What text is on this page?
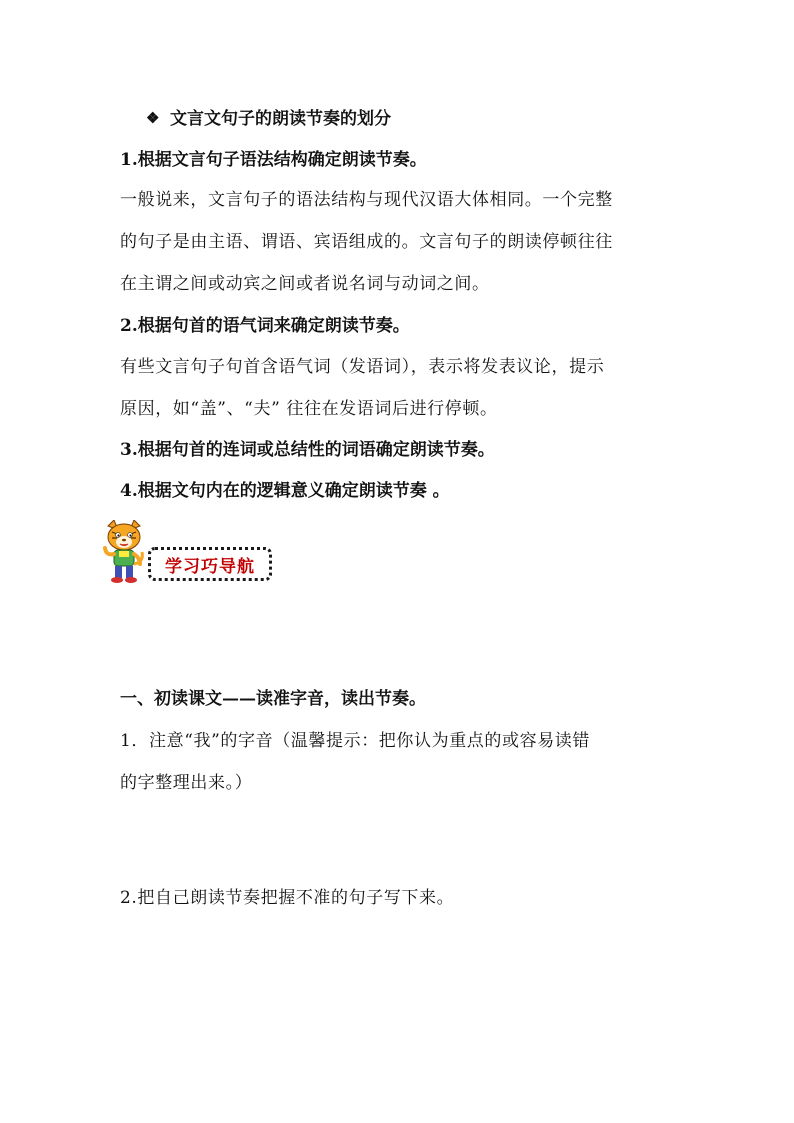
❖ 文言文句子的朗读节奏的划分
1.根据文言句子语法结构确定朗读节奏。
一般说来，文言句子的语法结构与现代汉语大体相同。一个完整
的句子是由主语、谓语、宾语组成的。文言句子的朗读停顿往往
在主谓之间或动宾之间或者说名词与动词之间。
2.根据句首的语气词来确定朗读节奏。
有些文言句子句首含语气词（发语词），表示将发表议论，提示
原因，如“盖”、“夫” 往往在发语词后进行停顿。
3.根据句首的连词或总结性的词语确定朗读节奏。
4.根据文句内在的逻辑意义确定朗读节奏 。
学习巧导航
一、初读课文——读准字音，读出节奏。
1．注意“我”的字音（温馨提示：把你认为重点的或容易读错
的字整理出来。）
2.把自己朗读节奏把握不准的句子写下来。
